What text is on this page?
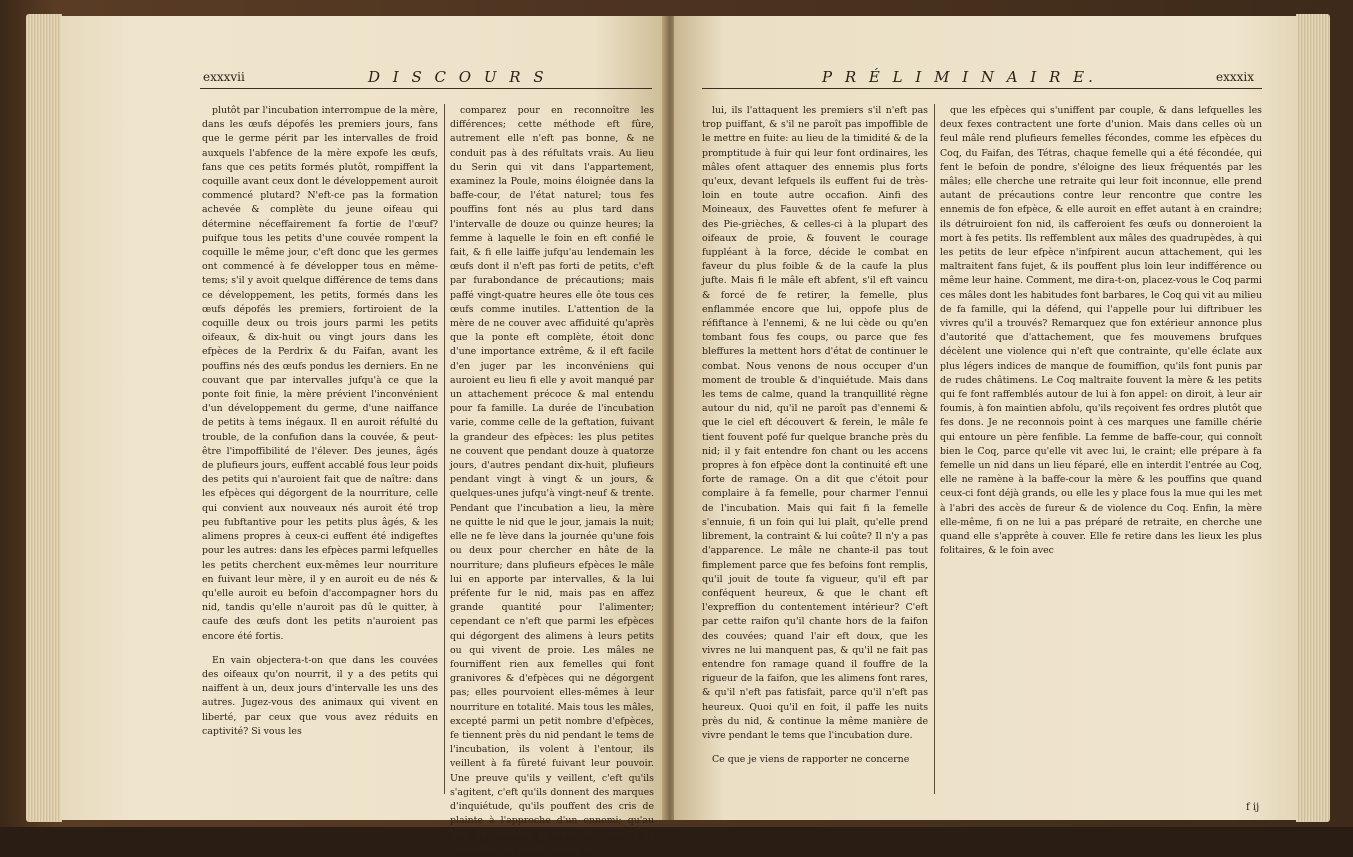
exxxvii	D I S C O U R S

plutôt par l'incubation interrompue de la mère, dans les œufs dépofés les premiers jours, fans que le germe périt par les intervalles de froid auxquels l'abfence de la mère expofe les œufs, fans que ces petits formés plutôt, rompiffent la coquille avant ceux dont le développement auroit commencé plutard? N'eft-ce pas la formation achevée & complète du jeune oifeau qui détermine néceffairement fa fortie de l'œuf? puifque tous les petits d'une couvée rompent la coquille le même jour, c'eft donc que les germes ont commencé à fe développer tous en même-tems; s'il y avoit quelque différence de tems dans ce développement, les petits, formés dans les œufs dépofés les premiers, fortiroient de la coquille deux ou trois jours parmi les petits oifeaux, & dix-huit ou vingt jours dans les efpèces de la Perdrix & du Faifan, avant les pouffins nés des œufs pondus les derniers. En ne couvant que par intervalles jufqu'à ce que la ponte foit finie, la mère prévient l'inconvénient d'un développement du germe, d'une naiffance de petits à tems inégaux. Il en auroit réfulté du trouble, de la confufion dans la couvée, & peut-être l'impoffibilité de l'élever. Des jeunes, âgés de plufieurs jours, euffent accablé fous leur poids des petits qui n'auroient fait que de naître: dans les efpèces qui dégorgent de la nourriture, celle qui convient aux nouveaux nés auroit été trop peu fubftantive pour les petits plus âgés, & les alimens propres à ceux-ci euffent été indigeftes pour les autres: dans les efpèces parmi lefquelles les petits cherchent eux-mêmes leur nourriture en fuivant leur mère, il y en auroit eu de nés & qu'elle auroit eu befoin d'accompagner hors du nid, tandis qu'elle n'auroit pas dû le quitter, à caufe des œufs dont les petits n'auroient pas encore été fortis.

En vain objectera-t-on que dans les couvées des oifeaux qu'on nourrit, il y a des petits qui naiffent à un, deux jours d'intervalle les uns des autres. Jugez-vous des animaux qui vivent en liberté, par ceux que vous avez réduits en captivité? Si vous les

comparez pour en reconnoître les différences; cette méthode eft fûre, autrement elle n'eft pas bonne, & ne conduit pas à des réfultats vrais. Au lieu du Serin qui vit dans l'appartement, examinez la Poule, moins éloignée dans la baffe-cour, de l'état naturel; tous fes pouffins font nés au plus tard dans l'intervalle de douze ou quinze heures; la femme à laquelle le foin en eft confié le fait, & fi elle laiffe jufqu'au lendemain les œufs dont il n'eft pas forti de petits, c'eft par furabondance de précautions; mais paffé vingt-quatre heures elle ôte tous ces œufs comme inutiles. L'attention de la mère de ne couver avec affiduité qu'après que la ponte eft complète, étoit donc d'une importance extrême, & il eft facile d'en juger par les inconvéniens qui auroient eu lieu fi elle y avoit manqué par un attachement précoce & mal entendu pour fa famille. La durée de l'incubation varie, comme celle de la geftation, fuivant la grandeur des efpèces: les plus petites ne couvent que pendant douze à quatorze jours, d'autres pendant dix-huit, plufieurs pendant vingt à vingt & un jours, & quelques-unes jufqu'à vingt-neuf & trente. Pendant que l'incubation a lieu, la mère ne quitte le nid que le jour, jamais la nuit; elle ne fe lève dans la journée qu'une fois ou deux pour chercher en hâte de la nourriture; dans plufieurs efpèces le mâle lui en apporte par intervalles, & la lui préfente fur le nid, mais pas en affez grande quantité pour l'alimenter; cependant ce n'eft que parmi les efpèces qui dégorgent des alimens à leurs petits ou qui vivent de proie. Les mâles ne fourniffent rien aux femelles qui font granivores & d'efpèces qui ne dégorgent pas; elles pourvoient elles-mêmes à leur nourriture en totalité. Mais tous les mâles, excepté parmi un petit nombre d'efpèces, fe tiennent près du nid pendant le tems de l'incubation, ils volent à l'entour, ils veillent à fa fûreté fuivant leur pouvoir. Une preuve qu'ils y veillent, c'eft qu'ils s'agitent, c'eft qu'ils donnent des marques d'inquiétude, qu'ils pouffent des cris de plainte à l'approche d'un ennemi; qu'au lieu de prendre la fuite, ils vont à fa rencontre, ils volent autour de

P R É L I M I N A I R E.	exxxix

lui, ils l'attaquent les premiers s'il n'eft pas trop puiffant, & s'il ne paroît pas impoffible de le mettre en fuite: au lieu de la timidité & de la promptitude à fuir qui leur font ordinaires, les mâles ofent attaquer des ennemis plus forts qu'eux, devant lefquels ils euffent fui de très-loin en toute autre occafion. Ainfi des Moineaux, des Fauvettes ofent fe mefurer à des Pie-grièches, & celles-ci à la plupart des oifeaux de proie, & fouvent le courage fuppléant à la force, décide le combat en faveur du plus foible & de la caufe la plus jufte. Mais fi le mâle eft abfent, s'il eft vaincu & forcé de fe retirer, la femelle, plus enflammée encore que lui, oppofe plus de réfiftance à l'ennemi, & ne lui cède ou qu'en tombant fous fes coups, ou parce que fes bleffures la mettent hors d'état de continuer le combat. Nous venons de nous occuper d'un moment de trouble & d'inquiétude. Mais dans les tems de calme, quand la tranquillité règne autour du nid, qu'il ne paroît pas d'ennemi & que le ciel eft découvert & ferein, le mâle fe tient fouvent pofé fur quelque branche près du nid; il y fait entendre fon chant ou les accens propres à fon efpèce dont la continuité eft une forte de ramage. On a dit que c'étoit pour complaire à fa femelle, pour charmer l'ennui de l'incubation. Mais qui fait fi la femelle s'ennuie, fi un foin qui lui plaît, qu'elle prend librement, la contraint & lui coûte? Il n'y a pas d'apparence. Le mâle ne chante-il pas tout fimplement parce que fes befoins font remplis, qu'il jouit de toute fa vigueur, qu'il eft par conféquent heureux, & que le chant eft l'expreffion du contentement intérieur? C'eft par cette raifon qu'il chante hors de la faifon des couvées; quand l'air eft doux, que les vivres ne lui manquent pas, & qu'il ne fait pas entendre fon ramage quand il fouffre de la rigueur de la faifon, que les alimens font rares, & qu'il n'eft pas fatisfait, parce qu'il n'eft pas heureux. Quoi qu'il en foit, il paffe les nuits près du nid, & continue la même manière de vivre pendant le tems que l'incubation dure.

Ce que je viens de rapporter ne concerne

que les efpèces qui s'uniffent par couple, & dans lefquelles les deux fexes contractent une forte d'union. Mais dans celles où un feul mâle rend plufieurs femelles fécondes, comme les efpèces du Coq, du Faifan, des Tétras, chaque femelle qui a été fécondée, qui fent le befoin de pondre, s'éloigne des lieux fréquentés par les mâles; elle cherche une retraite qui leur foit inconnue, elle prend autant de précautions contre leur rencontre que contre les ennemis de fon efpèce, & elle auroit en effet autant à en craindre; ils détruiroient fon nid, ils cafferoient fes œufs ou donneroient la mort à fes petits. Ils reffemblent aux mâles des quadrupèdes, à qui les petits de leur efpèce n'infpirent aucun attachement, qui les maltraitent fans fujet, & ils pouffent plus loin leur indifférence ou même leur haine. Comment, me dira-t-on, placez-vous le Coq parmi ces mâles dont les habitudes font barbares, le Coq qui vit au milieu de fa famille, qui la défend, qui l'appelle pour lui diftribuer les vivres qu'il a trouvés? Remarquez que fon extérieur annonce plus d'autorité que d'attachement, que fes mouvemens brufques décèlent une violence qui n'eft que contrainte, qu'elle éclate aux plus légers indices de manque de foumiffion, qu'ils font punis par de rudes châtimens. Le Coq maltraite fouvent la mère & les petits qui fe font raffemblés autour de lui à fon appel: on diroit, à leur air foumis, à fon maintien abfolu, qu'ils reçoivent fes ordres plutôt que fes dons. Je ne reconnois point à ces marques une famille chérie qui entoure un père fenfible. La femme de baffe-cour, qui connoît bien le Coq, parce qu'elle vit avec lui, le craint; elle prépare à fa femelle un nid dans un lieu féparé, elle en interdit l'entrée au Coq, elle ne ramène à la baffe-cour la mère & les pouffins que quand ceux-ci font déjà grands, ou elle les y place fous la mue qui les met à l'abri des accès de fureur & de violence du Coq. Enfin, la mère elle-même, fi on ne lui a pas préparé de retraite, en cherche une quand elle s'apprête à couver. Elle fe retire dans les lieux les plus folitaires, & le foin avec

f ij
